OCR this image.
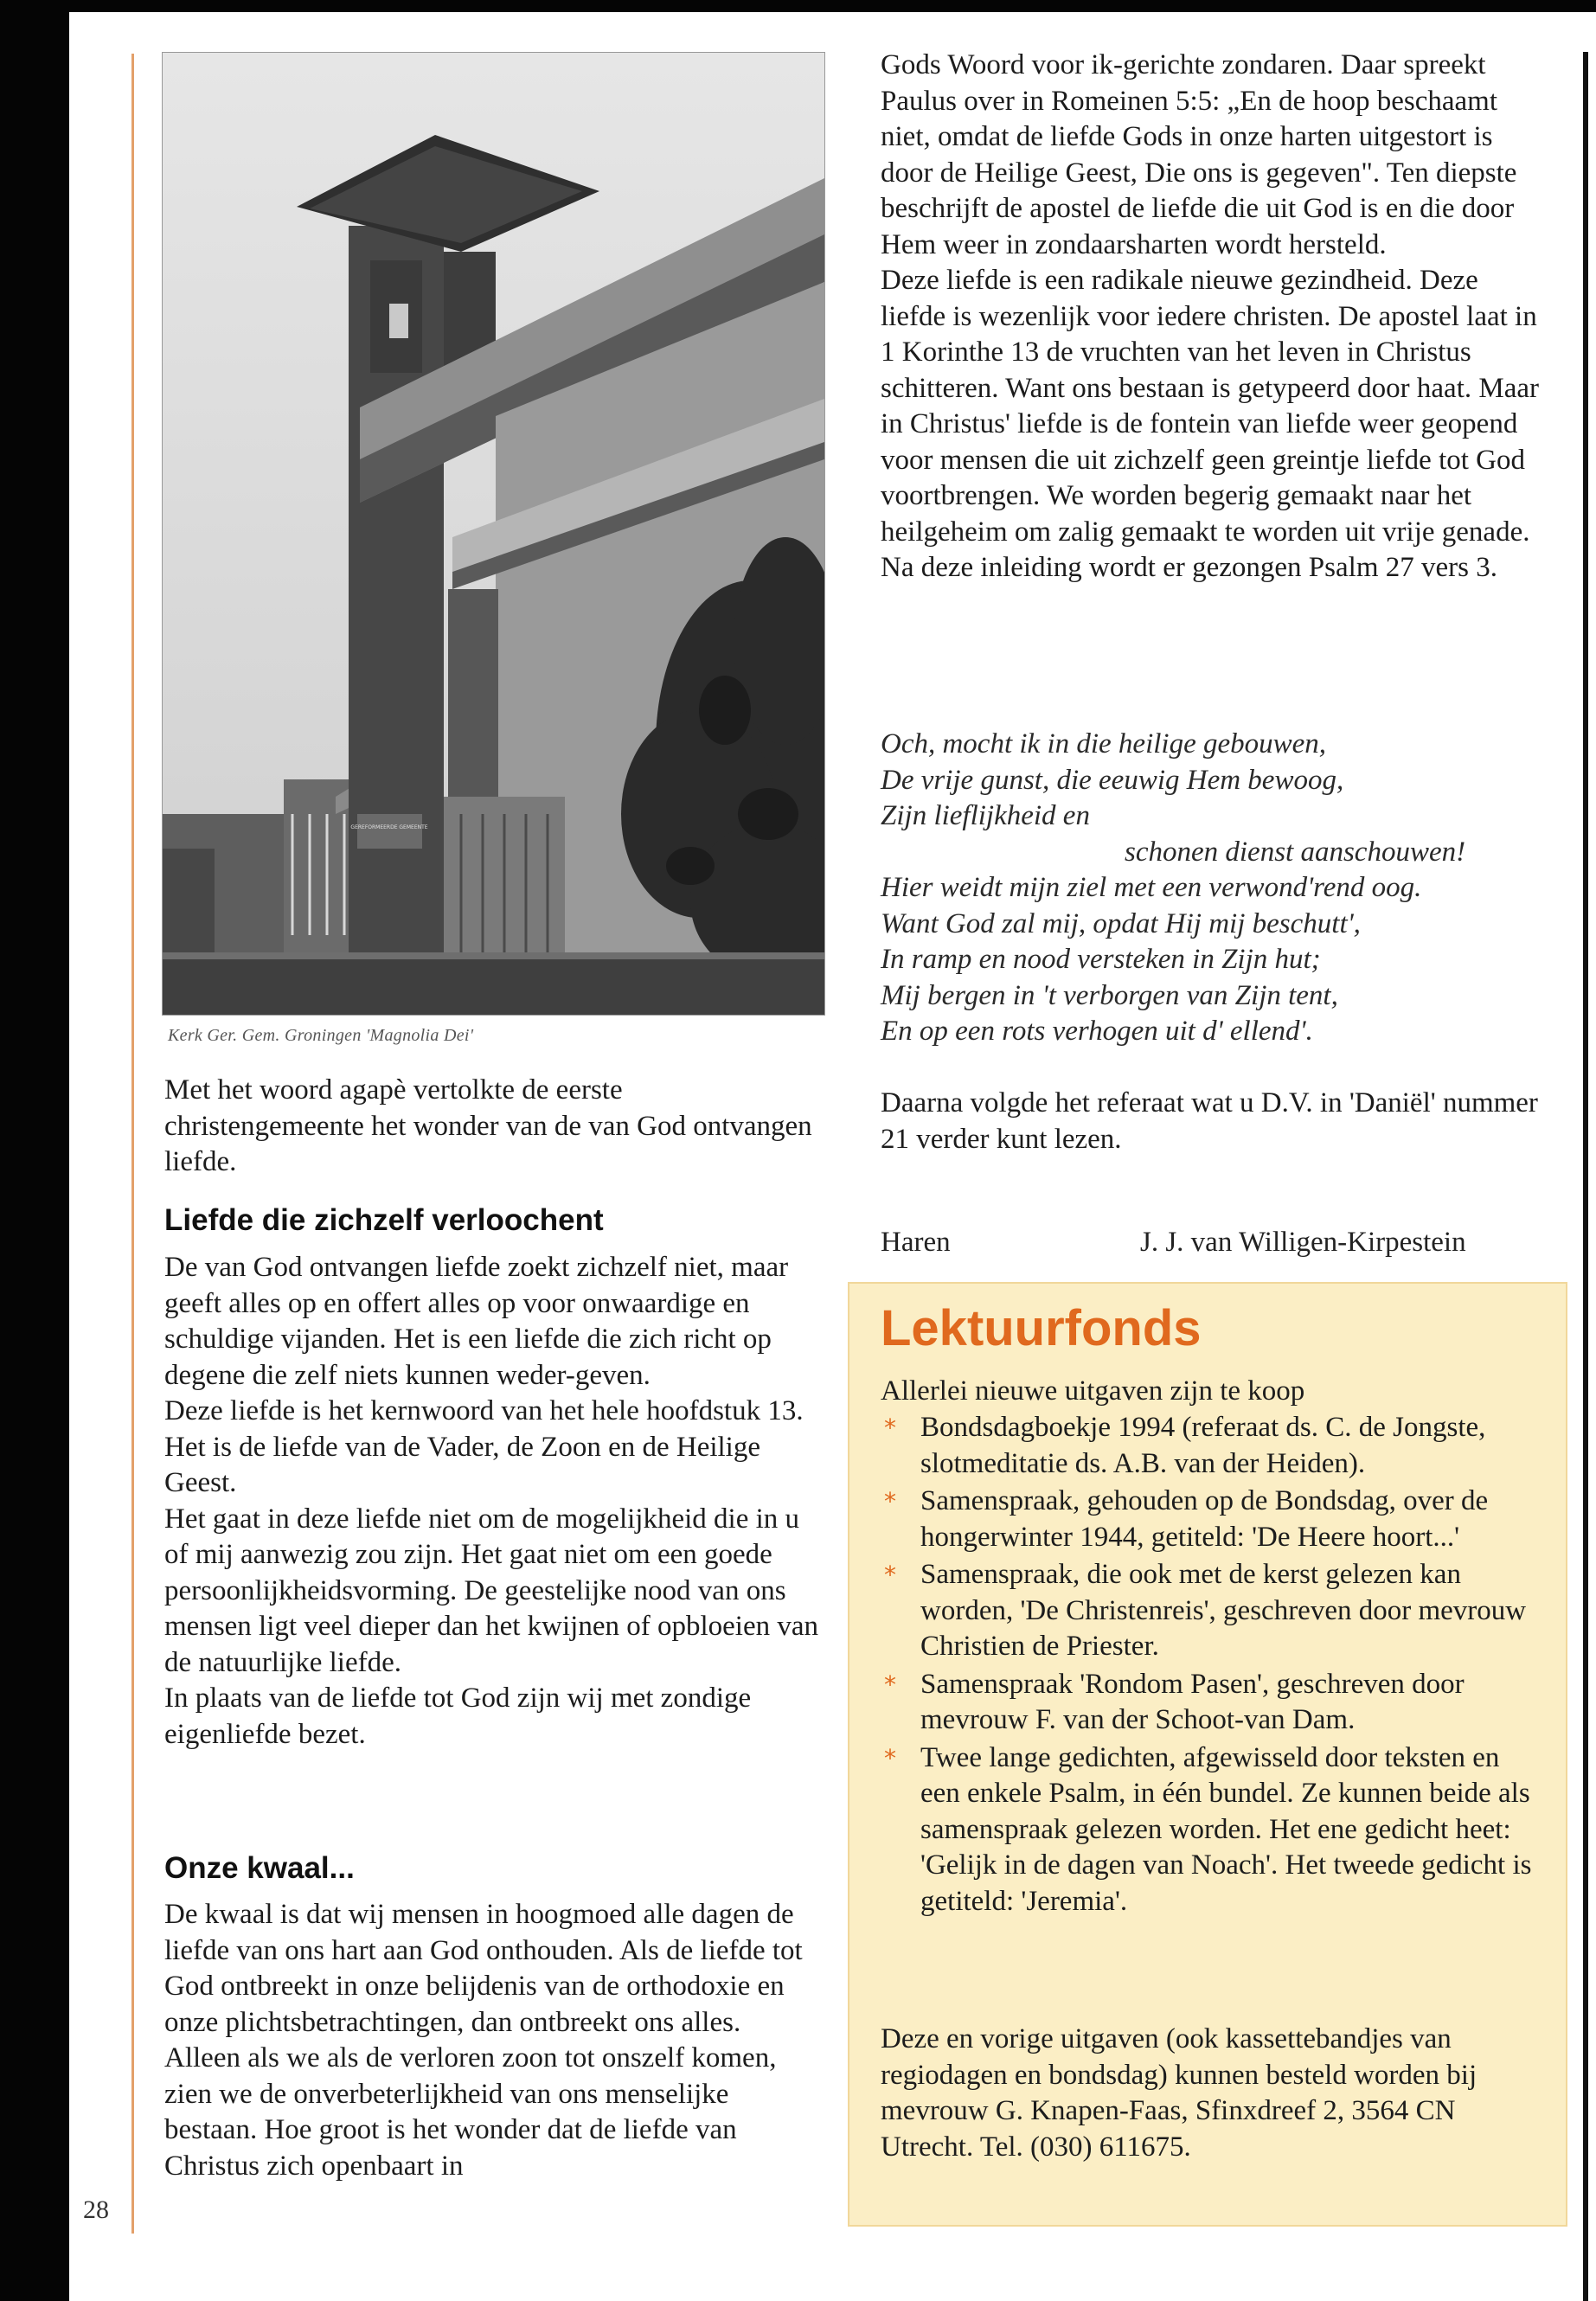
GEREFORMEERDE GEMEENTE
Kerk Ger. Gem. Groningen 'Magnolia Dei'

Met het woord agapè vertolkte de eerste christengemeente het wonder van de van God ontvangen liefde.

Liefde die zichzelf verloochent

De van God ontvangen liefde zoekt zichzelf niet, maar geeft alles op en offert alles op voor onwaardige en schuldige vijanden. Het is een liefde die zich richt op degene die zelf niets kunnen weder-geven.

Deze liefde is het kernwoord van het hele hoofdstuk 13. Het is de liefde van de Vader, de Zoon en de Heilige Geest.

Het gaat in deze liefde niet om de mogelijkheid die in u of mij aanwezig zou zijn. Het gaat niet om een goede persoonlijkheidsvorming. De geestelijke nood van ons mensen ligt veel dieper dan het kwijnen of opbloeien van de natuurlijke liefde.

In plaats van de liefde tot God zijn wij met zondige eigenliefde bezet.

Onze kwaal...

De kwaal is dat wij mensen in hoogmoed alle dagen de liefde van ons hart aan God onthouden. Als de liefde tot God ontbreekt in onze belijdenis van de orthodoxie en onze plichtsbetrachtingen, dan ontbreekt ons alles.

Alleen als we als de verloren zoon tot onszelf komen, zien we de onverbeterlijkheid van ons menselijke bestaan. Hoe groot is het wonder dat de liefde van Christus zich openbaart in

28

Gods Woord voor ik-gerichte zondaren. Daar spreekt Paulus over in Romeinen 5:5: „En de hoop beschaamt niet, omdat de liefde Gods in onze harten uitgestort is door de Heilige Geest, Die ons is gegeven". Ten diepste beschrijft de apostel de liefde die uit God is en die door Hem weer in zondaarsharten wordt hersteld.

Deze liefde is een radikale nieuwe gezindheid. Deze liefde is wezenlijk voor iedere christen. De apostel laat in 1 Korinthe 13 de vruchten van het leven in Christus schitteren. Want ons bestaan is getypeerd door haat. Maar in Christus' liefde is de fontein van liefde weer geopend voor mensen die uit zichzelf geen greintje liefde tot God voortbrengen. We worden begerig gemaakt naar het heilgeheim om zalig gemaakt te worden uit vrije genade.

Na deze inleiding wordt er gezongen Psalm 27 vers 3.

Och, mocht ik in die heilige gebouwen,
De vrije gunst, die eeuwig Hem bewoog,
Zijn lieflijkheid en
schonen dienst aanschouwen!
Hier weidt mijn ziel met een verwond'rend oog.
Want God zal mij, opdat Hij mij beschutt',
In ramp en nood versteken in Zijn hut;
Mij bergen in 't verborgen van Zijn tent,
En op een rots verhogen uit d' ellend'.

Daarna volgde het referaat wat u D.V. in 'Daniël' nummer 21 verder kunt lezen.

Haren	J. J. van Willigen-Kirpestein
Lektuurfonds
Allerlei nieuwe uitgaven zijn te koop
* Bondsdagboekje 1994 (referaat ds. C. de Jongste, slotmeditatie ds. A.B. van der Heiden).
* Samenspraak, gehouden op de Bondsdag, over de hongerwinter 1944, getiteld: 'De Heere hoort...'
* Samenspraak, die ook met de kerst gelezen kan worden, 'De Christenreis', geschreven door mevrouw Christien de Priester.
* Samenspraak 'Rondom Pasen', geschreven door mevrouw F. van der Schoot-van Dam.
* Twee lange gedichten, afgewisseld door teksten en een enkele Psalm, in één bundel. Ze kunnen beide als samenspraak gelezen worden. Het ene gedicht heet: 'Gelijk in de dagen van Noach'. Het tweede gedicht is getiteld: 'Jeremia'.
Deze en vorige uitgaven (ook kassettebandjes van regiodagen en bondsdag) kunnen besteld worden bij mevrouw G. Knapen-Faas, Sfinxdreef 2, 3564 CN Utrecht. Tel. (030) 611675.
